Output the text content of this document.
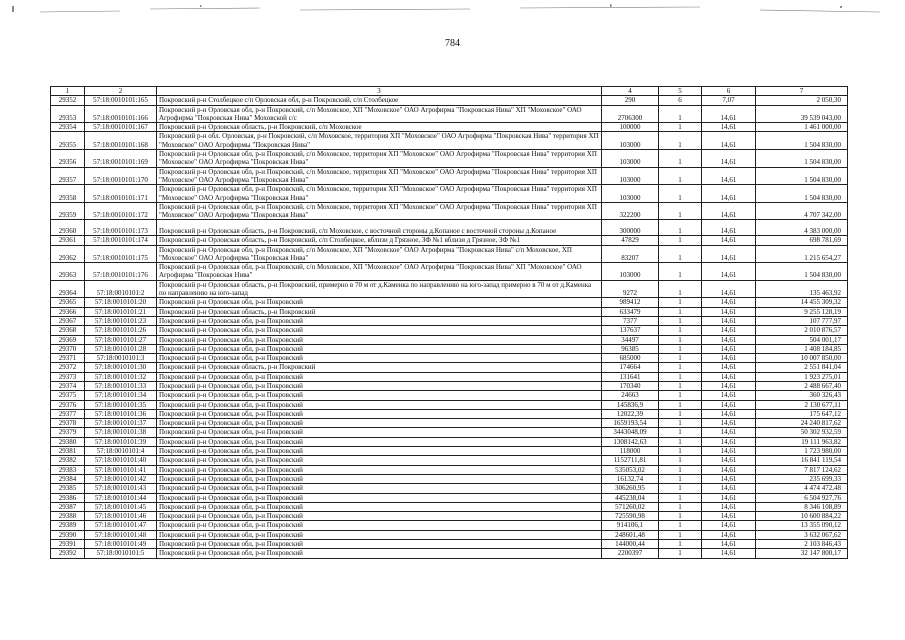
784
1	2	3	4	5	6	7
29352	57:18:0010101:165	Покровский р-н Столбецкое с/п Орловская обл, р-н Покровский, с/п Столбецкое	290	6	7,07	2 050,30
29353	57:18:0010101:166	Покровский р-н Орловская обл, р-н Покровский, с/п Моховское, ХП "Моховское" ОАО Агрофирма "Покровская Нива" ХП "Моховское" ОАО Агрофирма "Покровская Нива" Моховской с/с	2706300	1	14,61	39 539 043,00
29354	57:18:0010101:167	Покровский р-н Орловская область, р-н Покровский, с/п Моховское	100000	1	14,61	1 461 000,00
29355	57:18:0010101:168	Покровский р-н обл. Орловская, р-н Покровский, с/п Моховское, территория ХП "Моховское" ОАО Агрофирма "Покровская Нива" территория ХП "Моховское" ОАО Агрофирмы "Покровская Нива"	103000	1	14,61	1 504 830,00
29356	57:18:0010101:169	Покровский р-н Орловская обл, р-н Покровский, с/п Моховское, территория ХП "Моховское" ОАО Агрофирма "Покровская Нива" территория ХП "Моховское" ОАО Агрофирма "Покровская Нива"	103000	1	14,61	1 504 830,00
29357	57:18:0010101:170	Покровский р-н Орловская обл, р-н Покровский, с/п Моховское, территория ХП "Моховское" ОАО Агрофирма "Покровская Нива" территория ХП "Моховское" ОАО Агрофирма "Покровская Нива"	103000	1	14,61	1 504 830,00
29358	57:18:0010101:171	Покровский р-н Орловская обл, р-н Покровский, с/п Моховское, территория ХП "Моховское" ОАО Агрофирма "Покровская Нива" территория ХП "Моховское" ОАО Агрофирма "Покровская Нива"	103000	1	14,61	1 504 830,00
29359	57:18:0010101:172	Покровский р-н Орловская обл, р-н Покровский, с/п Моховское, территория ХП "Моховское" ОАО Агрофирма "Покровская Нива" территория ХП "Моховское" ОАО Агрофирма "Покровская Нива"	322200	1	14,61	4 707 342,00
29360	57:18:0010101:173	Покровский р-н Орловская область, р-н Покровский, с/п Моховское, с восточной стороны д.Копаное с восточной стороны д.Копаное	300000	1	14,61	4 383 000,00
29361	57:18:0010101:174	Покровский р-н Орловская область, р-н Покровский, с/п Столбецкое, вблизи д Грязное, ЗФ №1 вблизи д Грязное, ЗФ №1	47829	1	14,61	698 781,69
29362	57:18:0010101:175	Покровский р-н Орловская обл, р-н Покровский, с/п Моховское, ХП "Моховское" ОАО Агрофирма "Покровская Нива" с/п Моховское, ХП "Моховское" ОАО Агрофирма "Покровская Нива"	83207	1	14,61	1 215 654,27
29363	57:18:0010101:176	Покровский р-н Орловская обл, р-н Покровский, с/п Моховское, ХП "Моховское" ОАО Агрофирма "Покровская Нива" ХП "Моховское" ОАО Агрофирма "Покровская Нива"	103000	1	14,61	1 504 830,00
29364	57:18:0010101:2	Покровский р-н Орловская область, р-н Покровский, примерно в 70 м от д.Каменка по направлению на юго-запад примерно в 70 м от д.Каменка по направлению на юго-запад	9272	1	14,61	135 463,92
29365	57:18:0010101:20	Покровский р-н Орловская обл, р-н Покровский	989412	1	14,61	14 455 309,32
29366	57:18:0010101:21	Покровский р-н Орловская область, р-н Покровский	633479	1	14,61	9 255 128,19
29367	57:18:0010101:23	Покровский р-н Орловская обл, р-н Покровский	7377	1	14,61	107 777,97
29368	57:18:0010101:26	Покровский р-н Орловская обл, р-н Покровский	137637	1	14,61	2 010 876,57
29369	57:18:0010101:27	Покровский р-н Орловская обл, р-н Покровский	34497	1	14,61	504 001,17
29370	57:18:0010101:28	Покровский р-н Орловская обл, р-н Покровский	96385	1	14,61	1 408 184,85
29371	57:18:0010101:3	Покровский р-н Орловская обл, р-н Покровский	685000	1	14,61	10 007 850,00
29372	57:18:0010101:30	Покровский р-н Орловская область, р-н Покровский	174664	1	14,61	2 551 841,04
29373	57:18:0010101:32	Покровский р-н Орловская обл, р-н Покровский	131641	1	14,61	1 923 275,01
29374	57:18:0010101:33	Покровский р-н Орловская обл, р-н Покровский	170340	1	14,61	2 488 667,40
29375	57:18:0010101:34	Покровский р-н Орловская обл, р-н Покровский	24663	1	14,61	360 326,43
29376	57:18:0010101:35	Покровский р-н Орловская обл, р-н Покровский	145836,9	1	14,61	2 130 677,11
29377	57:18:0010101:36	Покровский р-н Орловская обл, р-н Покровский	12022,39	1	14,61	175 647,12
29378	57:18:0010101:37	Покровский р-н Орловская обл, р-н Покровский	1659193,54	1	14,61	24 240 817,62
29379	57:18:0010101:38	Покровский р-н Орловская обл, р-н Покровский	3443048,09	1	14,61	50 302 932,59
29380	57:18:0010101:39	Покровский р-н Орловская обл, р-н Покровский	1308142,63	1	14,61	19 111 963,82
29381	57:18:0010101:4	Покровский р-н Орловская обл, р-н Покровский	118000	1	14,61	1 723 980,00
29382	57:18:0010101:40	Покровский р-н Орловская обл, р-н Покровский	1152711,81	1	14,61	16 841 119,54
29383	57:18:0010101:41	Покровский р-н Орловская обл, р-н Покровский	535053,02	1	14,61	7 817 124,62
29384	57:18:0010101:42	Покровский р-н Орловская обл, р-н Покровский	16132,74	1	14,61	235 699,33
29385	57:18:0010101:43	Покровский р-н Орловская обл, р-н Покровский	306260,95	1	14,61	4 474 472,48
29386	57:18:0010101:44	Покровский р-н Орловская обл, р-н Покровский	445238,04	1	14,61	6 504 927,76
29387	57:18:0010101:45	Покровский р-н Орловская обл, р-н Покровский	571260,02	1	14,61	8 346 108,89
29388	57:18:0010101:46	Покровский р-н Орловская обл, р-н Покровский	725590,98	1	14,61	10 600 884,22
29389	57:18:0010101:47	Покровский р-н Орловская обл, р-н Покровский	914106,1	1	14,61	13 355 090,12
29390	57:18:0010101:48	Покровский р-н Орловская обл, р-н Покровский	248601,48	1	14,61	3 632 067,62
29391	57:18:0010101:49	Покровский р-н Орловская обл, р-н Покровский	144000,44	1	14,61	2 103 846,43
29392	57:18:0010101:5	Покровский р-н Орловская обл, р-н Покровский	2200397	1	14,61	32 147 800,17
